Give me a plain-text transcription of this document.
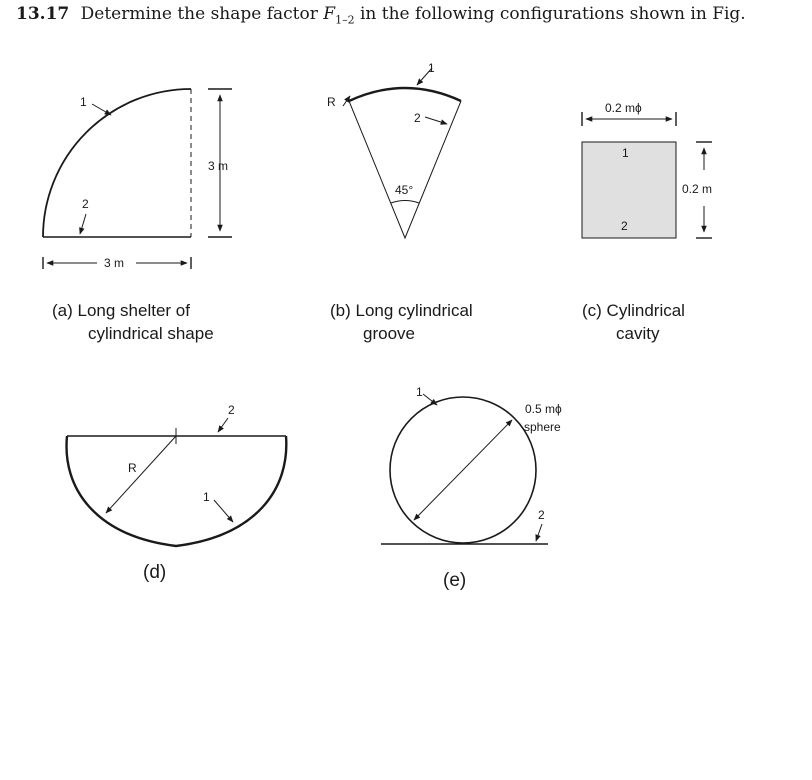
13.17 Determine the shape factor $F_{1-2}$ in the following configurations shown in Fig.
1
2
3 m
3 m
(a) Long shelter of
cylindrical shape
45°
R
1
2
(b) Long cylindrical
groove
1
2
0.2 mϕ
0.2 m
(c) Cylindrical
cavity
R
2
1
(d)
1
0.5 mϕ
sphere
2
(e)
